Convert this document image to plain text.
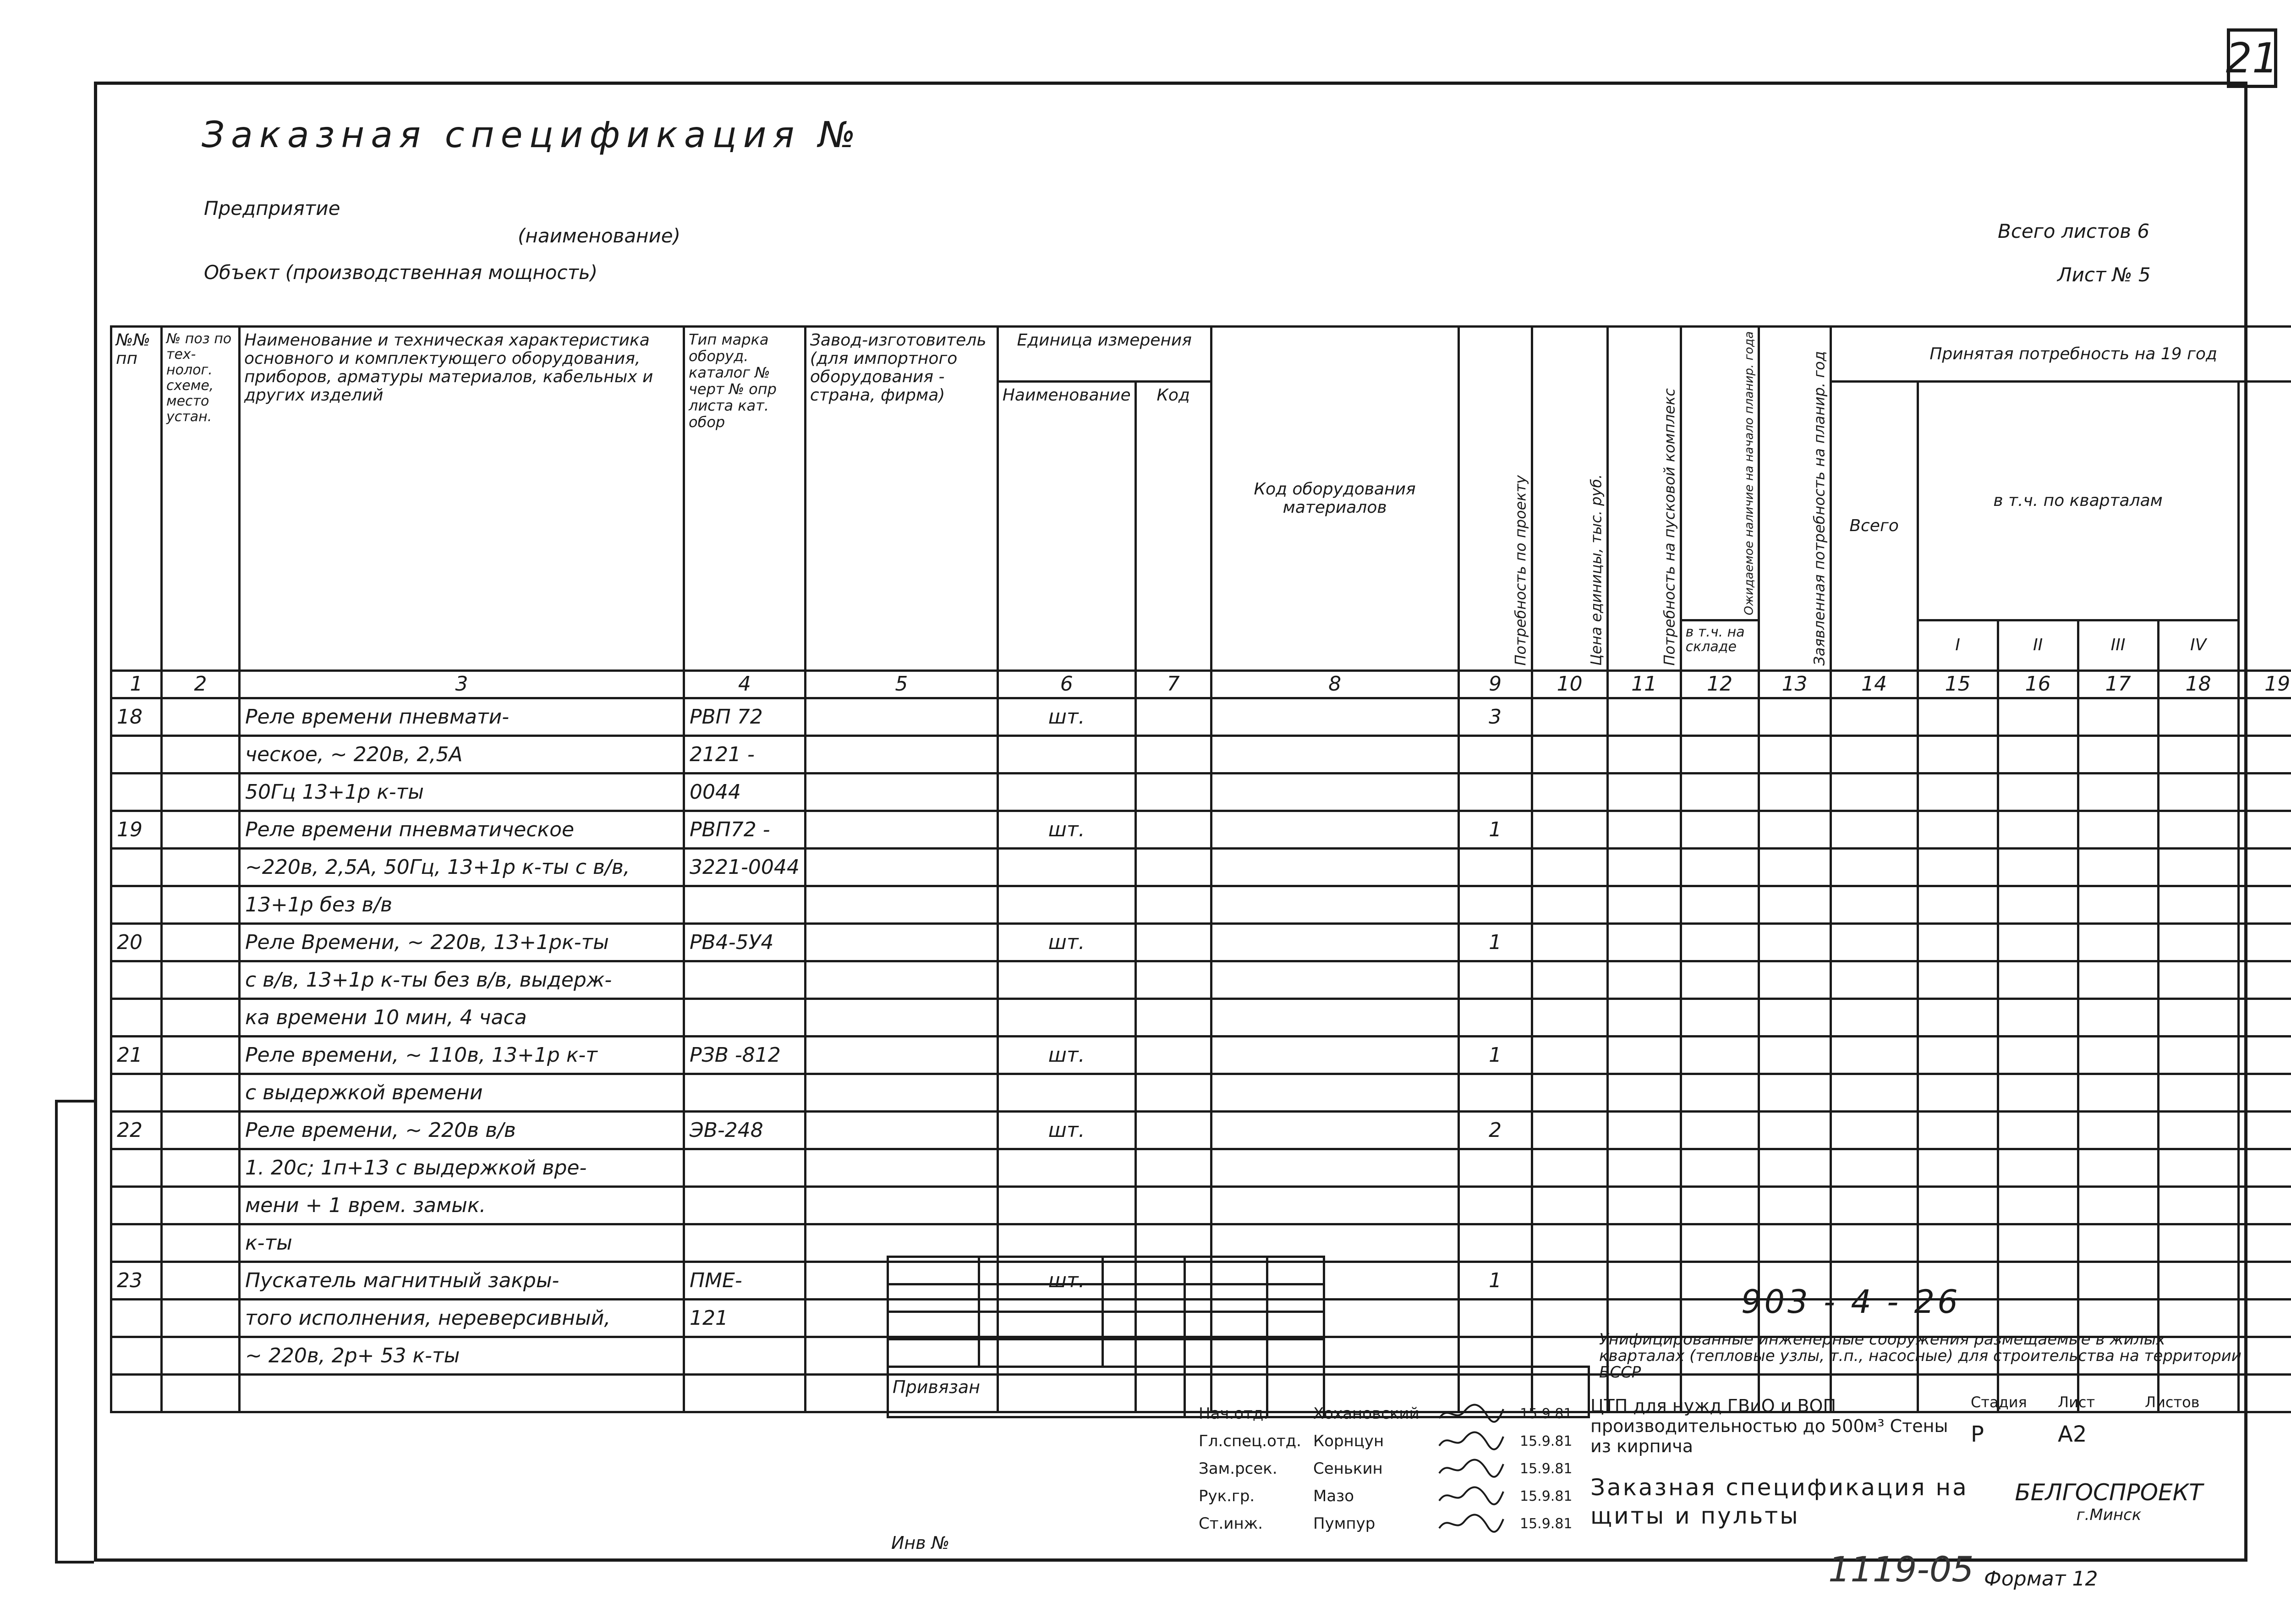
21
Заказная спецификация №
Предприятие
(наименование)
Объект (производственная мощность)
Всего листов 6
Лист № 5
№№ пп	№ поз по тех-нолог. схеме, место устан.	Наименование и техническая характеристика основного и комплектующего оборудования, приборов, арматуры материалов, кабельных и других изделий	Тип марка оборуд. каталог № черт № опр листа кат. обор	Завод-изготовитель (для импортного оборудования - страна, фирма)	Единица измерения		Код оборудования материалов	Потребность по проекту	Цена единицы, тыс. руб.	Потребность на пусковой комплекс	Ожидаемое наличие на начало планир. года	Заявленная потребность на планир. год	Принятая потребность на 19 год					
					Наименование	Код							Всего	в т.ч. по кварталам	
											в т.ч. на складе			I	II	III	IV	
1	2	3	4	5	6	7	8	9	10	11	12	13	14	15	16	17	18	19
18		Реле времени пневмати-	РВП 72		шт.			3										
		ческое, ~ 220в, 2,5А	2121 -															
		50Гц 13+1р к-ты	0044															
19		Реле времени пневматическое	РВП72 -		шт.			1										
		~220в, 2,5А, 50Гц, 13+1р к-ты с в/в,	3221-0044															
		13+1р без в/в																
20		Реле Времени, ~ 220в, 13+1рк-ты	РВ4-5У4		шт.			1										
		с в/в, 13+1р к-ты без в/в, выдерж-																
		ка времени 10 мин, 4 часа																
21		Реле времени, ~ 110в, 13+1р к-т	РЗВ -812		шт.			1										
		с выдержкой времени																
22		Реле времени, ~ 220в в/в	ЭВ-248		шт.			2										
		1. 20с; 1п+13 с выдержкой вре-																
		мени + 1 врем. замык.																
		к-ты																
23		Пускатель магнитный закры-	ПМЕ-		шт.			1										
		того исполнения, нереверсивный,	121															
		~ 220в, 2р+ 53 к-ты																

Привязан					
			Нач.отд.	Хохановский		15.9.81
			Гл.спец.отд.	Корнцун		15.9.81
			Зам.рсек.	Сенькин		15.9.81
			Рук.гр.	Мазо		15.9.81
			Ст.инж.	Пумпур		15.9.81

ЦТП для нужд ГВиО и ВОП производительностью до 500м³ Стены из кирпича	Стадия	Лист	Листов
	Р	А2	

Заказная спецификация на щиты и пульты	БЕЛГОСПРОЕКТ
г.Минск		
903 - 4 - 26
Унифицированные инженерные сооружения размещаемые в жилых кварталах (тепловые узлы, т.п., насосные) для строительства на территории БССР
Инв №
1119-05 Формат 12
